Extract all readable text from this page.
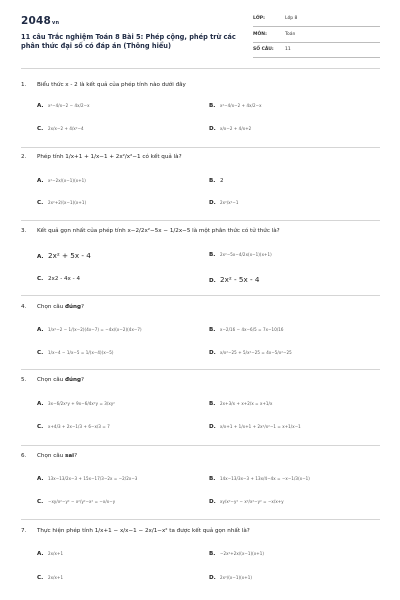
2048vn
11 câu Trắc nghiệm Toán 8 Bài 5: Phép cộng, phép trừ các phân thức đại số có đáp án (Thông hiểu)
LỚP:	Lớp 8
MÔN:	Toán
SỐ CÂU:	11
1. Biểu thức x - 2 là kết quả của phép tính nào dưới đây
A. x²−4/x−2 − 4x/2−x	B. x²−4/x−2 + 4x/2−x
C. 2x/x−2 + 4/x²−4	D. x/x−2 + 4/x+2
2. Phép tính 1/x+1 + 1/x−1 + 2x²/x²−1 có kết quả là?
A. x²−2x/(x−1)(x+1)	B. 2
C. 2x²+2/(x−1)(x+1)	D. 2x²/x²−1
3. Kết quả gọn nhất của phép tính x−2/2x²−5x − 1/2x−5 là một phân thức có tử thức là?
A. 2x² + 5x - 4	B. 2x²−5x−4/2x(x−1)(x+1)
C. 2x2 - 4x - 4	D. 2x² - 5x - 4
4. Chọn câu đúng?
A. 1/x²−2 − 1/(x−2)(4x−7) = −4x/(x−2)(4x−7)	B. x−2/16 − 4x−6/5 = 7x−10/16
C. 1/x−4 − 1/x−5 = 1/(x−4)(x−5)	D. x/x²−25 + 5/x²−25 = 4x−5/x²−25
5. Chọn câu đúng?
A. 3x−6/2x²y + 9x−6/4x²y = 3/xy²	B. 2x+3/x + x+2/x = x+1/x
C. x+4/3 + 2x−1/3 + 6−x/3 = 7	D. x/x+1 + 1/x+1 + 2x²/x²−1 = x+1/x−1
6. Chọn câu sai?
A. 13x−13/2x−3 + 15x−17/3−2x = −2/2x−3	B. 14x−13/3x−3 + 13x/4−4x = −x−1/3(x−1)
C. −xy/x²−y² − x²/y²−x² = −x/x−y	D. xy/x²−y² − x²/x²−y² = −x/x+y
7. Thực hiện phép tính 1/x+1 − x/x−1 − 2x/1−x² ta được kết quả gọn nhất là?
A. 2x/x+1	B. −2x²+2x/(x−1)(x+1)
C. 2x/x+1	D. 2x²/(x−1)(x+1)
